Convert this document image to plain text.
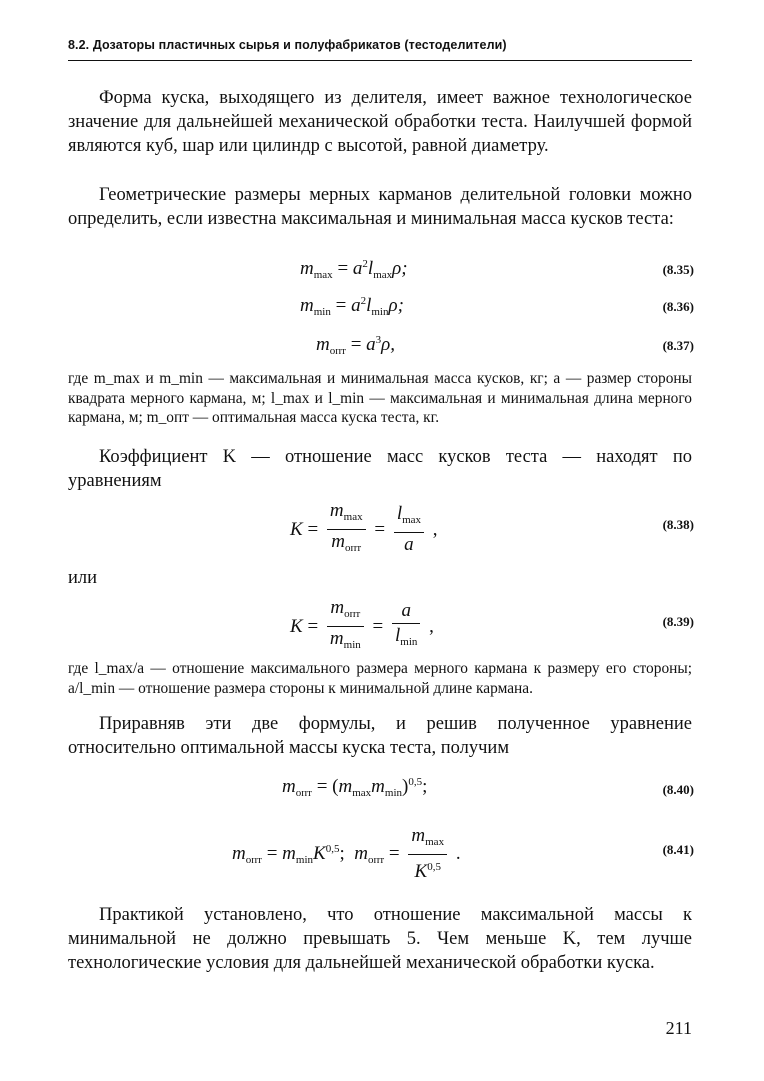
8.2. Дозаторы пластичных сырья и полуфабрикатов (тестоделители)

Форма куска, выходящего из делителя, имеет важное технологическое значение для дальнейшей механической обработки теста. Наилучшей формой являются куб, шар или цилиндр с высотой, равной диаметру.

Геометрические размеры мерных карманов делительной головки можно определить, если известна максимальная и минимальная масса кусков теста:

$m_{max} = a^2l_{max}\rho$;	(8.35)
$m_{min} = a^2l_{min}\rho$;	(8.36)
$m_{опт} = a^3\rho$,	(8.37)

где m_max и m_min — максимальная и минимальная масса кусков, кг; a — размер стороны квадрата мерного кармана, м; l_max и l_min — максимальная и минимальная длина мерного кармана, м; m_опт — оптимальная масса куска теста, кг.

Коэффициент K — отношение масс кусков теста — находят по уравнениям

$K = \frac{m_{max}}{m_{опт}} = \frac{l_{max}}{a}$ ,	(8.38)

или

$K = \frac{m_{опт}}{m_{min}} = \frac{a}{l_{min}}$ ,	(8.39)

где l_max/a — отношение максимального размера мерного кармана к размеру его стороны; a/l_min — отношение размера стороны к минимальной длине кармана.

Приравняв эти две формулы, и решив полученное уравнение относительно оптимальной массы куска теста, получим

$m_{опт} = (m_{max}m_{min})^{0,5}$;	(8.40)
$m_{опт} = m_{min}K^{0,5}$; $m_{опт} = \frac{m_{max}}{K^{0,5}}$ .	(8.41)

Практикой установлено, что отношение максимальной массы к минимальной не должно превышать 5. Чем меньше K, тем лучше технологические условия для дальнейшей механической обработки куска.

211
